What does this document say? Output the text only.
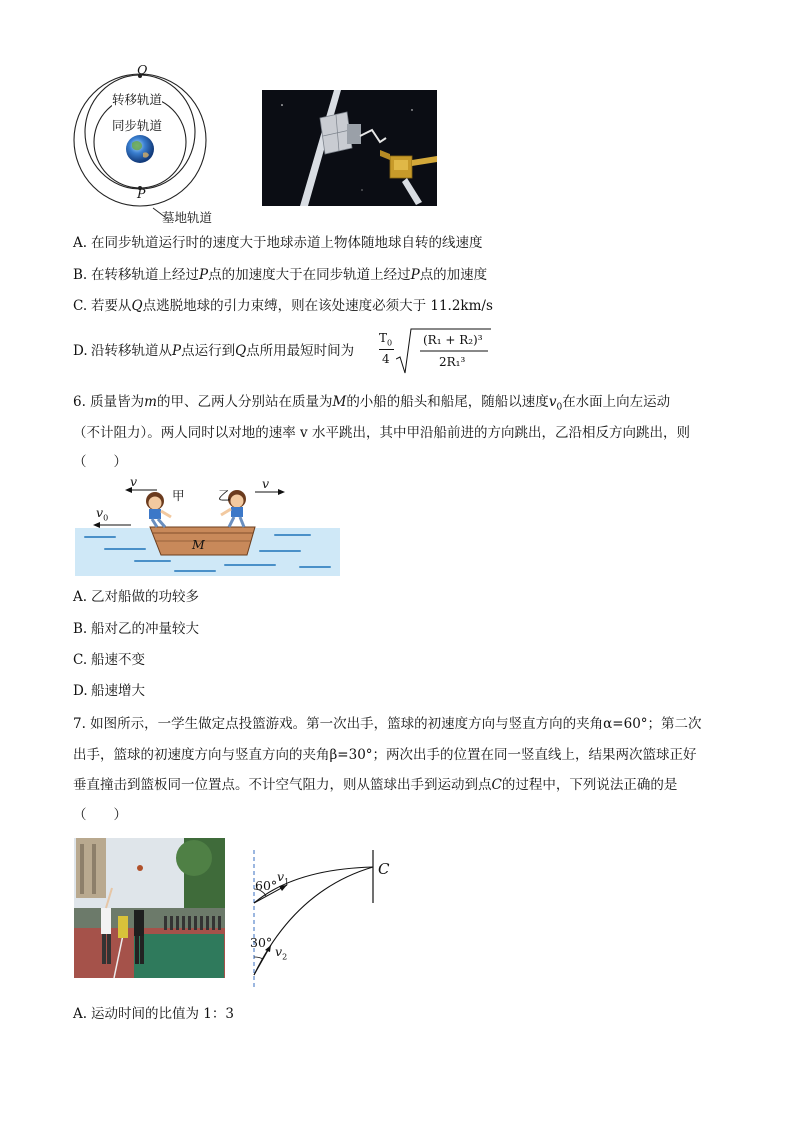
Q
转移轨道
同步轨道
P
墓地轨道
A. 在同步轨道运行时的速度大于地球赤道上物体随地球自转的线速度
B. 在转移轨道上经过P点的加速度大于在同步轨道上经过P点的加速度
C. 若要从Q点逃脱地球的引力束缚，则在该处速度必须大于 11.2km/s
D. 沿转移轨道从P点运行到Q点所用最短时间为
$T_0$
4
(R₁ + R₂)³
2R₁³
6. 质量皆为m的甲、乙两人分别站在质量为M的小船的船头和船尾，随船以速度$v_0$在水面上向左运动
（不计阻力）。两人同时以对地的速率 v 水平跳出，其中甲沿船前进的方向跳出，乙沿相反方向跳出，则
（　　）
v
甲	乙
v
$v_0$
M
A. 乙对船做的功较多
B. 船对乙的冲量较大
C. 船速不变
D. 船速增大
7. 如图所示，一学生做定点投篮游戏。第一次出手，篮球的初速度方向与竖直方向的夹角α=60°；第二次
出手，篮球的初速度方向与竖直方向的夹角β=30°；两次出手的位置在同一竖直线上，结果两次篮球正好
垂直撞击到篮板同一位置点。不计空气阻力，则从篮球出手到运动到点C的过程中，下列说法正确的是
（　　）
60°
$v_1$
30°
$v_2$
C
A. 运动时间的比值为 1：3
